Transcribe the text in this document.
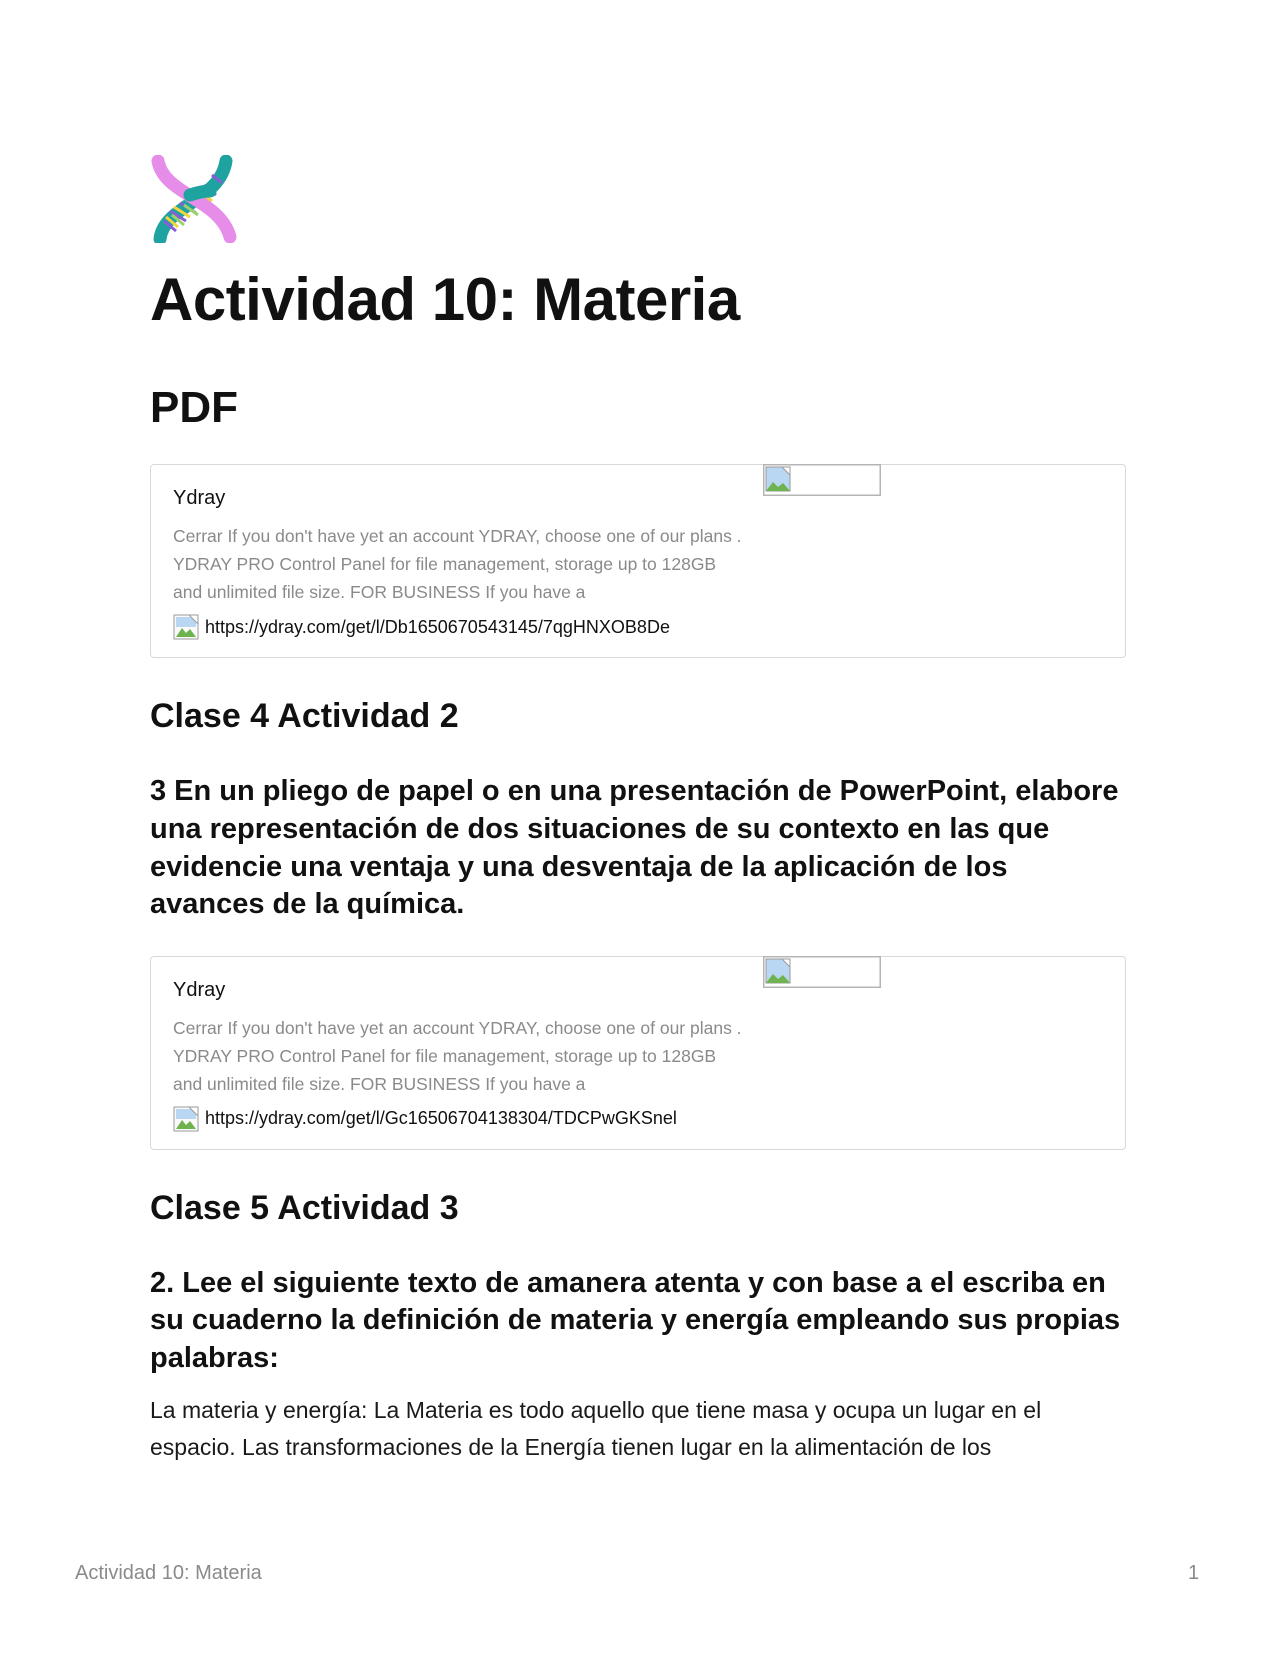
Actividad 10: Materia
PDF
Ydray
Cerrar If you don't have yet an account YDRAY, choose one of our plans . YDRAY PRO Control Panel for file management, storage up to 128GB and unlimited file size. FOR BUSINESS If you have a
https://ydray.com/get/l/Db1650670543145/7qgHNXOB8De
Clase 4 Actividad 2
3 En un pliego de papel o en una presentación de PowerPoint, elabore una representación de dos situaciones de su contexto en las que evidencie una ventaja y una desventaja de la aplicación de los avances de la química.
Ydray
Cerrar If you don't have yet an account YDRAY, choose one of our plans . YDRAY PRO Control Panel for file management, storage up to 128GB and unlimited file size. FOR BUSINESS If you have a
https://ydray.com/get/l/Gc16506704138304/TDCPwGKSnel
Clase 5 Actividad 3
2. Lee el siguiente texto de amanera atenta y con base a el escriba en su cuaderno la definición de materia y energía empleando sus propias palabras:

La materia y energía: La Materia es todo aquello que tiene masa y ocupa un lugar en el espacio. Las transformaciones de la Energía tienen lugar en la alimentación de los

Actividad 10: Materia	1
